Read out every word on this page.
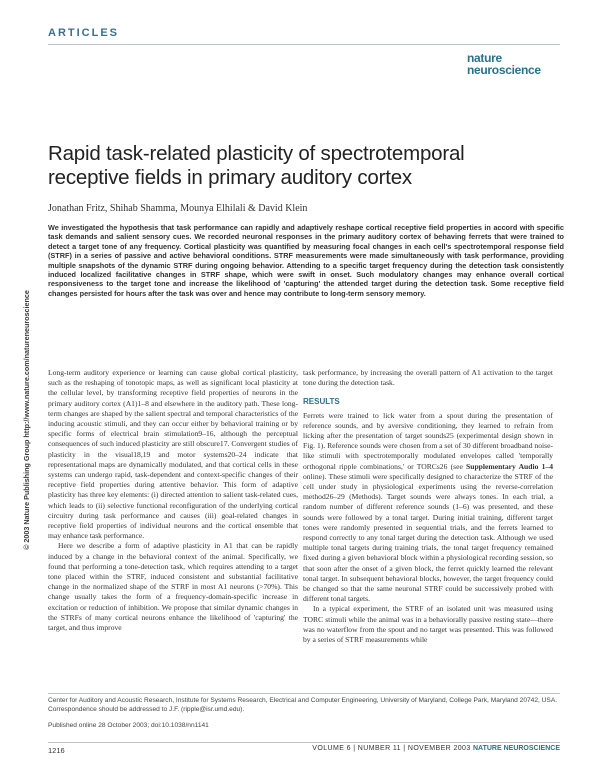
ARTICLES
nature
neuroscience
© 2003 Nature Publishing Group http://www.nature.com/natureneuroscience
Rapid task-related plasticity of spectrotemporal receptive fields in primary auditory cortex
Jonathan Fritz, Shihab Shamma, Mounya Elhilali & David Klein

We investigated the hypothesis that task performance can rapidly and adaptively reshape cortical receptive field properties in accord with specific task demands and salient sensory cues. We recorded neuronal responses in the primary auditory cortex of behaving ferrets that were trained to detect a target tone of any frequency. Cortical plasticity was quantified by measuring focal changes in each cell's spectrotemporal response field (STRF) in a series of passive and active behavioral conditions. STRF measurements were made simultaneously with task performance, providing multiple snapshots of the dynamic STRF during ongoing behavior. Attending to a specific target frequency during the detection task consistently induced localized facilitative changes in STRF shape, which were swift in onset. Such modulatory changes may enhance overall cortical responsiveness to the target tone and increase the likelihood of 'capturing' the attended target during the detection task. Some receptive field changes persisted for hours after the task was over and hence may contribute to long-term sensory memory.

Long-term auditory experience or learning can cause global cortical plasticity, such as the reshaping of tonotopic maps, as well as significant local plasticity at the cellular level, by transforming receptive field properties of neurons in the primary auditory cortex (A1)1–8 and elsewhere in the auditory path. These long-term changes are shaped by the salient spectral and temporal characteristics of the inducing acoustic stimuli, and they can occur either by behavioral training or by specific forms of electrical brain stimulation9–16, although the perceptual consequences of such induced plasticity are still obscure17. Convergent studies of plasticity in the visual18,19 and motor systems20–24 indicate that representational maps are dynamically modulated, and that cortical cells in these systems can undergo rapid, task-dependent and context-specific changes of their receptive field properties during attentive behavior. This form of adaptive plasticity has three key elements: (i) directed attention to salient task-related cues, which leads to (ii) selective functional reconfiguration of the underlying cortical circuitry during task performance and causes (iii) goal-related changes in receptive field properties of individual neurons and the cortical ensemble that may enhance task performance.

Here we describe a form of adaptive plasticity in A1 that can be rapidly induced by a change in the behavioral context of the animal. Specifically, we found that performing a tone-detection task, which requires attending to a target tone placed within the STRF, induced consistent and substantial facilitative change in the normalized shape of the STRF in most A1 neurons (>70%). This change usually takes the form of a frequency-domain-specific increase in excitation or reduction of inhibition. We propose that similar dynamic changes in the STRFs of many cortical neurons enhance the likelihood of 'capturing' the target, and thus improve

task performance, by increasing the overall pattern of A1 activation to the target tone during the detection task.

RESULTS

Ferrets were trained to lick water from a spout during the presentation of reference sounds, and by aversive conditioning, they learned to refrain from licking after the presentation of target sounds25 (experimental design shown in Fig. 1). Reference sounds were chosen from a set of 30 different broadband noise-like stimuli with spectrotemporally modulated envelopes called 'temporally orthogonal ripple combinations,' or TORCs26 (see Supplementary Audio 1–4 online). These stimuli were specifically designed to characterize the STRF of the cell under study in physiological experiments using the reverse-correlation method26–29 (Methods). Target sounds were always tones. In each trial, a random number of different reference sounds (1–6) was presented, and these sounds were followed by a tonal target. During initial training, different target tones were randomly presented in sequential trials, and the ferrets learned to respond correctly to any tonal target during the detection task. Although we used multiple tonal targets during training trials, the tonal target frequency remained fixed during a given behavioral block within a physiological recording session, so that soon after the onset of a given block, the ferret quickly learned the relevant tonal target. In subsequent behavioral blocks, however, the target frequency could be changed so that the same neuronal STRF could be successively probed with different tonal targets.

In a typical experiment, the STRF of an isolated unit was measured using TORC stimuli while the animal was in a behaviorally passive resting state—there was no waterflow from the spout and no target was presented. This was followed by a series of STRF measurements while

Center for Auditory and Acoustic Research, Institute for Systems Research, Electrical and Computer Engineering, University of Maryland, College Park, Maryland 20742, USA. Correspondence should be addressed to J.F. (ripple@isr.umd.edu).

Published online 28 October 2003; doi:10.1038/nn1141
1216	VOLUME 6 | NUMBER 11 | NOVEMBER 2003 NATURE NEUROSCIENCE
